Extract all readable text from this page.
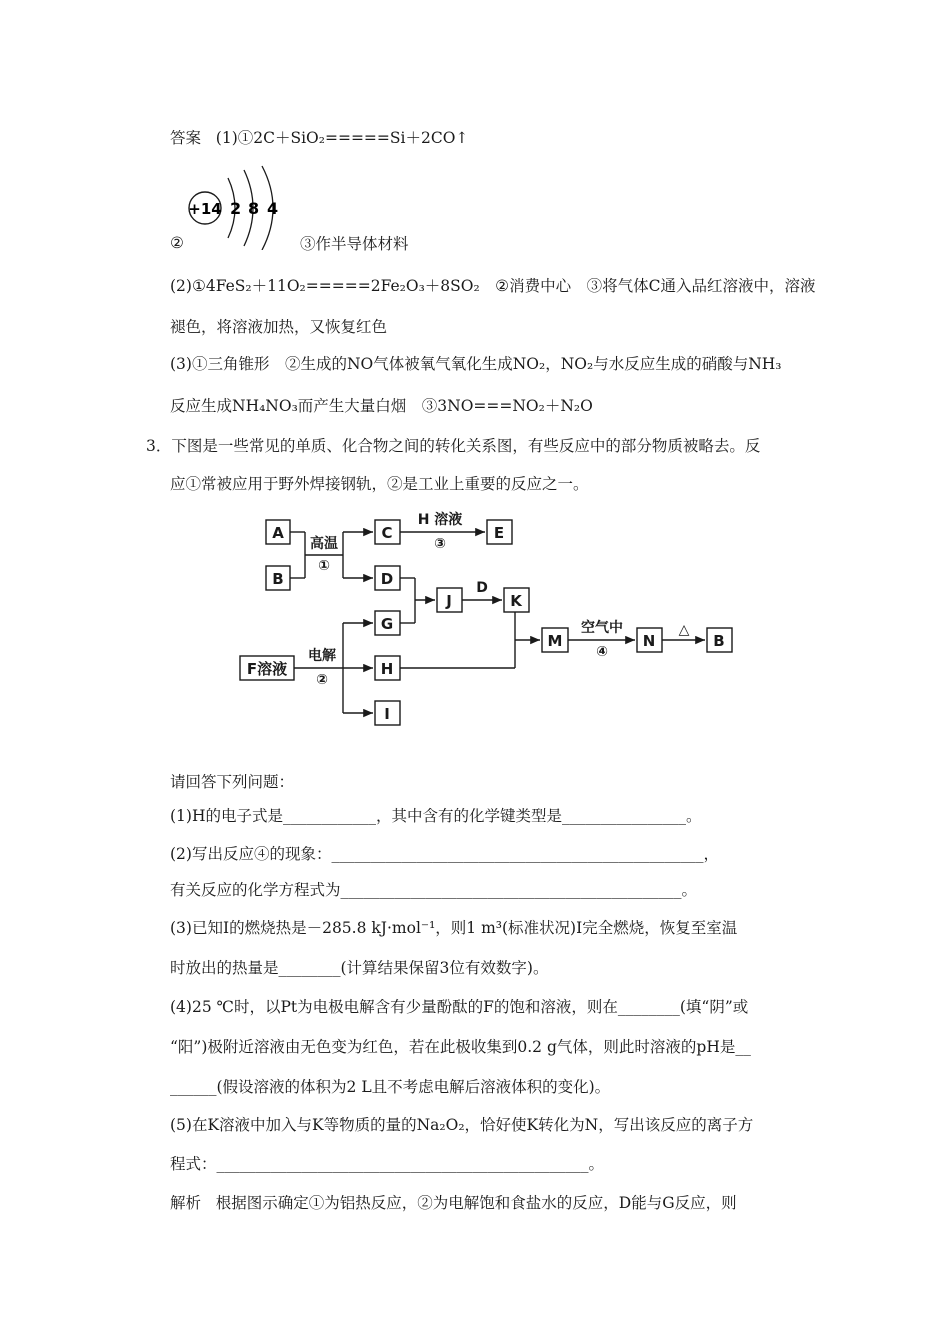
答案 (1)①2C＋SiO₂=====Si＋2CO↑
+14 2 8 4
②	③作半导体材料
(2)①4FeS₂＋11O₂=====2Fe₂O₃＋8SO₂　②消费中心　③将气体C通入品红溶液中，溶液
褪色，将溶液加热，又恢复红色
(3)①三角锥形　②生成的NO气体被氧气氧化生成NO₂，NO₂与水反应生成的硝酸与NH₃
反应生成NH₄NO₃而产生大量白烟　③3NO===NO₂＋N₂O
3．下图是一些常见的单质、化合物之间的转化关系图，有些反应中的部分物质被略去。反
应①常被应用于野外焊接钢轨，②是工业上重要的反应之一。
A
B
C	E
D
G
J	K
F溶液	H
I
M	N	B
高温
①
H 溶液
③
D
电解
②
空气中
④
△
请回答下列问题：
(1)H的电子式是____________，其中含有的化学键类型是________________。
(2)写出反应④的现象：________________________________________________，
有关反应的化学方程式为____________________________________________。
(3)已知I的燃烧热是－285.8 kJ·mol⁻¹，则1 m³(标准状况)I完全燃烧，恢复至室温
时放出的热量是________(计算结果保留3位有效数字)。
(4)25 ℃时，以Pt为电极电解含有少量酚酞的F的饱和溶液，则在________(填“阴”或
“阳”)极附近溶液由无色变为红色，若在此极收集到0.2 g气体，则此时溶液的pH是__
______(假设溶液的体积为2 L且不考虑电解后溶液体积的变化)。
(5)在K溶液中加入与K等物质的量的Na₂O₂，恰好使K转化为N，写出该反应的离子方
程式：________________________________________________。
解析 根据图示确定①为铝热反应，②为电解饱和食盐水的反应，D能与G反应，则
